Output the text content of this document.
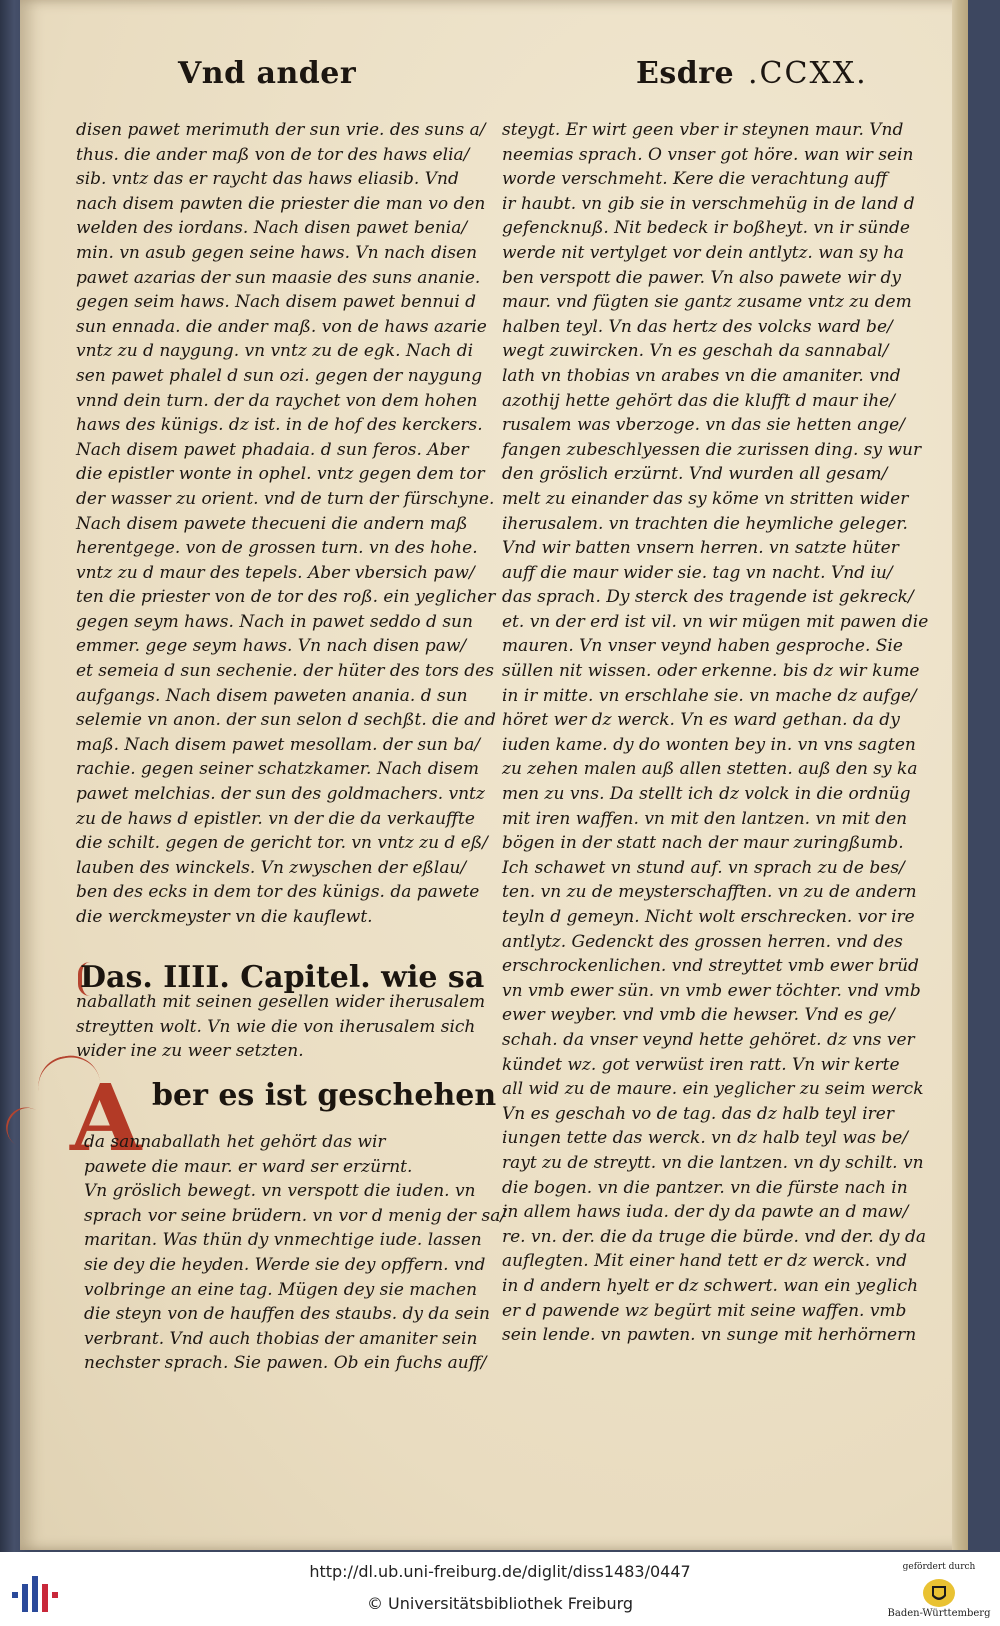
Vnd ander	Esdre .CCXX.
disen pawet merimuth der sun vrie. des suns a/
thus. die ander maß von de tor des haws elia/
sib. vntz das er raycht das haws eliasib. Vnd
nach disem pawten die priester die man vo den
welden des iordans. Nach disen pawet benia/
min. vn asub gegen seine haws. Vn nach disen
pawet azarias der sun maasie des suns ananie.
gegen seim haws. Nach disem pawet bennui d
sun ennada. die ander maß. von de haws azarie
vntz zu d naygung. vn vntz zu de egk. Nach di
sen pawet phalel d sun ozi. gegen der naygung
vnnd dein turn. der da raychet von dem hohen
haws des künigs. dz ist. in de hof des kerckers.
Nach disem pawet phadaia. d sun feros. Aber
die epistler wonte in ophel. vntz gegen dem tor
der wasser zu orient. vnd de turn der fürschyne.
Nach disem pawete thecueni die andern maß
herentgege. von de grossen turn. vn des hohe.
vntz zu d maur des tepels. Aber vbersich paw/
ten die priester von de tor des roß. ein yeglicher
gegen seym haws. Nach in pawet seddo d sun
emmer. gege seym haws. Vn nach disen paw/
et semeia d sun sechenie. der hüter des tors des
aufgangs. Nach disem paweten anania. d sun
selemie vn anon. der sun selon d sechßt. die and
maß. Nach disem pawet mesollam. der sun ba/
rachie. gegen seiner schatzkamer. Nach disem
pawet melchias. der sun des goldmachers. vntz
zu de haws d epistler. vn der die da verkauffte
die schilt. gegen de gericht tor. vn vntz zu d eß/
lauben des winckels. Vn zwyschen der eßlau/
ben des ecks in dem tor des künigs. da pawete
die werckmeyster vn die kauflewt.
Das. IIII. Capitel. wie sa
naballath mit seinen gesellen wider iherusalem
streytten wolt. Vn wie die von iherusalem sich
wider ine zu weer setzten.
A ber es ist geschehen
da sannaballath het gehört das wir
pawete die maur. er ward ser erzürnt.
Vn gröslich bewegt. vn verspott die iuden. vn
sprach vor seine brüdern. vn vor d menig der sa/
maritan. Was thün dy vnmechtige iude. lassen
sie dey die heyden. Werde sie dey opffern. vnd
volbringe an eine tag. Mügen dey sie machen
die steyn von de hauffen des staubs. dy da sein
verbrant. Vnd auch thobias der amaniter sein
nechster sprach. Sie pawen. Ob ein fuchs auff/
steygt. Er wirt geen vber ir steynen maur. Vnd
neemias sprach. O vnser got höre. wan wir sein
worde verschmeht. Kere die verachtung auff
ir haubt. vn gib sie in verschmehüg in de land d
gefencknuß. Nit bedeck ir boßheyt. vn ir sünde
werde nit vertylget vor dein antlytz. wan sy ha
ben verspott die pawer. Vn also pawete wir dy
maur. vnd fügten sie gantz zusame vntz zu dem
halben teyl. Vn das hertz des volcks ward be/
wegt zuwircken. Vn es geschah da sannabal/
lath vn thobias vn arabes vn die amaniter. vnd
azothij hette gehört das die klufft d maur ihe/
rusalem was vberzoge. vn das sie hetten ange/
fangen zubeschlyessen die zurissen ding. sy wur
den gröslich erzürnt. Vnd wurden all gesam/
melt zu einander das sy köme vn stritten wider
iherusalem. vn trachten die heymliche geleger.
Vnd wir batten vnsern herren. vn satzte hüter
auff die maur wider sie. tag vn nacht. Vnd iu/
das sprach. Dy sterck des tragende ist gekreck/
et. vn der erd ist vil. vn wir mügen mit pawen die
mauren. Vn vnser veynd haben gesproche. Sie
süllen nit wissen. oder erkenne. bis dz wir kume
in ir mitte. vn erschlahe sie. vn mache dz aufge/
höret wer dz werck. Vn es ward gethan. da dy
iuden kame. dy do wonten bey in. vn vns sagten
zu zehen malen auß allen stetten. auß den sy ka
men zu vns. Da stellt ich dz volck in die ordnüg
mit iren waffen. vn mit den lantzen. vn mit den
bögen in der statt nach der maur zuringßumb.
Ich schawet vn stund auf. vn sprach zu de bes/
ten. vn zu de meysterschafften. vn zu de andern
teyln d gemeyn. Nicht wolt erschrecken. vor ire
antlytz. Gedenckt des grossen herren. vnd des
erschrockenlichen. vnd streyttet vmb ewer brüd
vn vmb ewer sün. vn vmb ewer töchter. vnd vmb
ewer weyber. vnd vmb die hewser. Vnd es ge/
schah. da vnser veynd hette gehöret. dz vns ver
kündet wz. got verwüst iren ratt. Vn wir kerte
all wid zu de maure. ein yeglicher zu seim werck
Vn es geschah vo de tag. das dz halb teyl irer
iungen tette das werck. vn dz halb teyl was be/
rayt zu de streytt. vn die lantzen. vn dy schilt. vn
die bogen. vn die pantzer. vn die fürste nach in
in allem haws iuda. der dy da pawte an d maw/
re. vn. der. die da truge die bürde. vnd der. dy da
auflegten. Mit einer hand tett er dz werck. vnd
in d andern hyelt er dz schwert. wan ein yeglich
er d pawende wz begürt mit seine waffen. vmb
sein lende. vn pawten. vn sunge mit herhörnern
http://dl.ub.uni-freiburg.de/diglit/diss1483/0447
© Universitätsbibliothek Freiburg
gefördert durch
Baden-Württemberg
